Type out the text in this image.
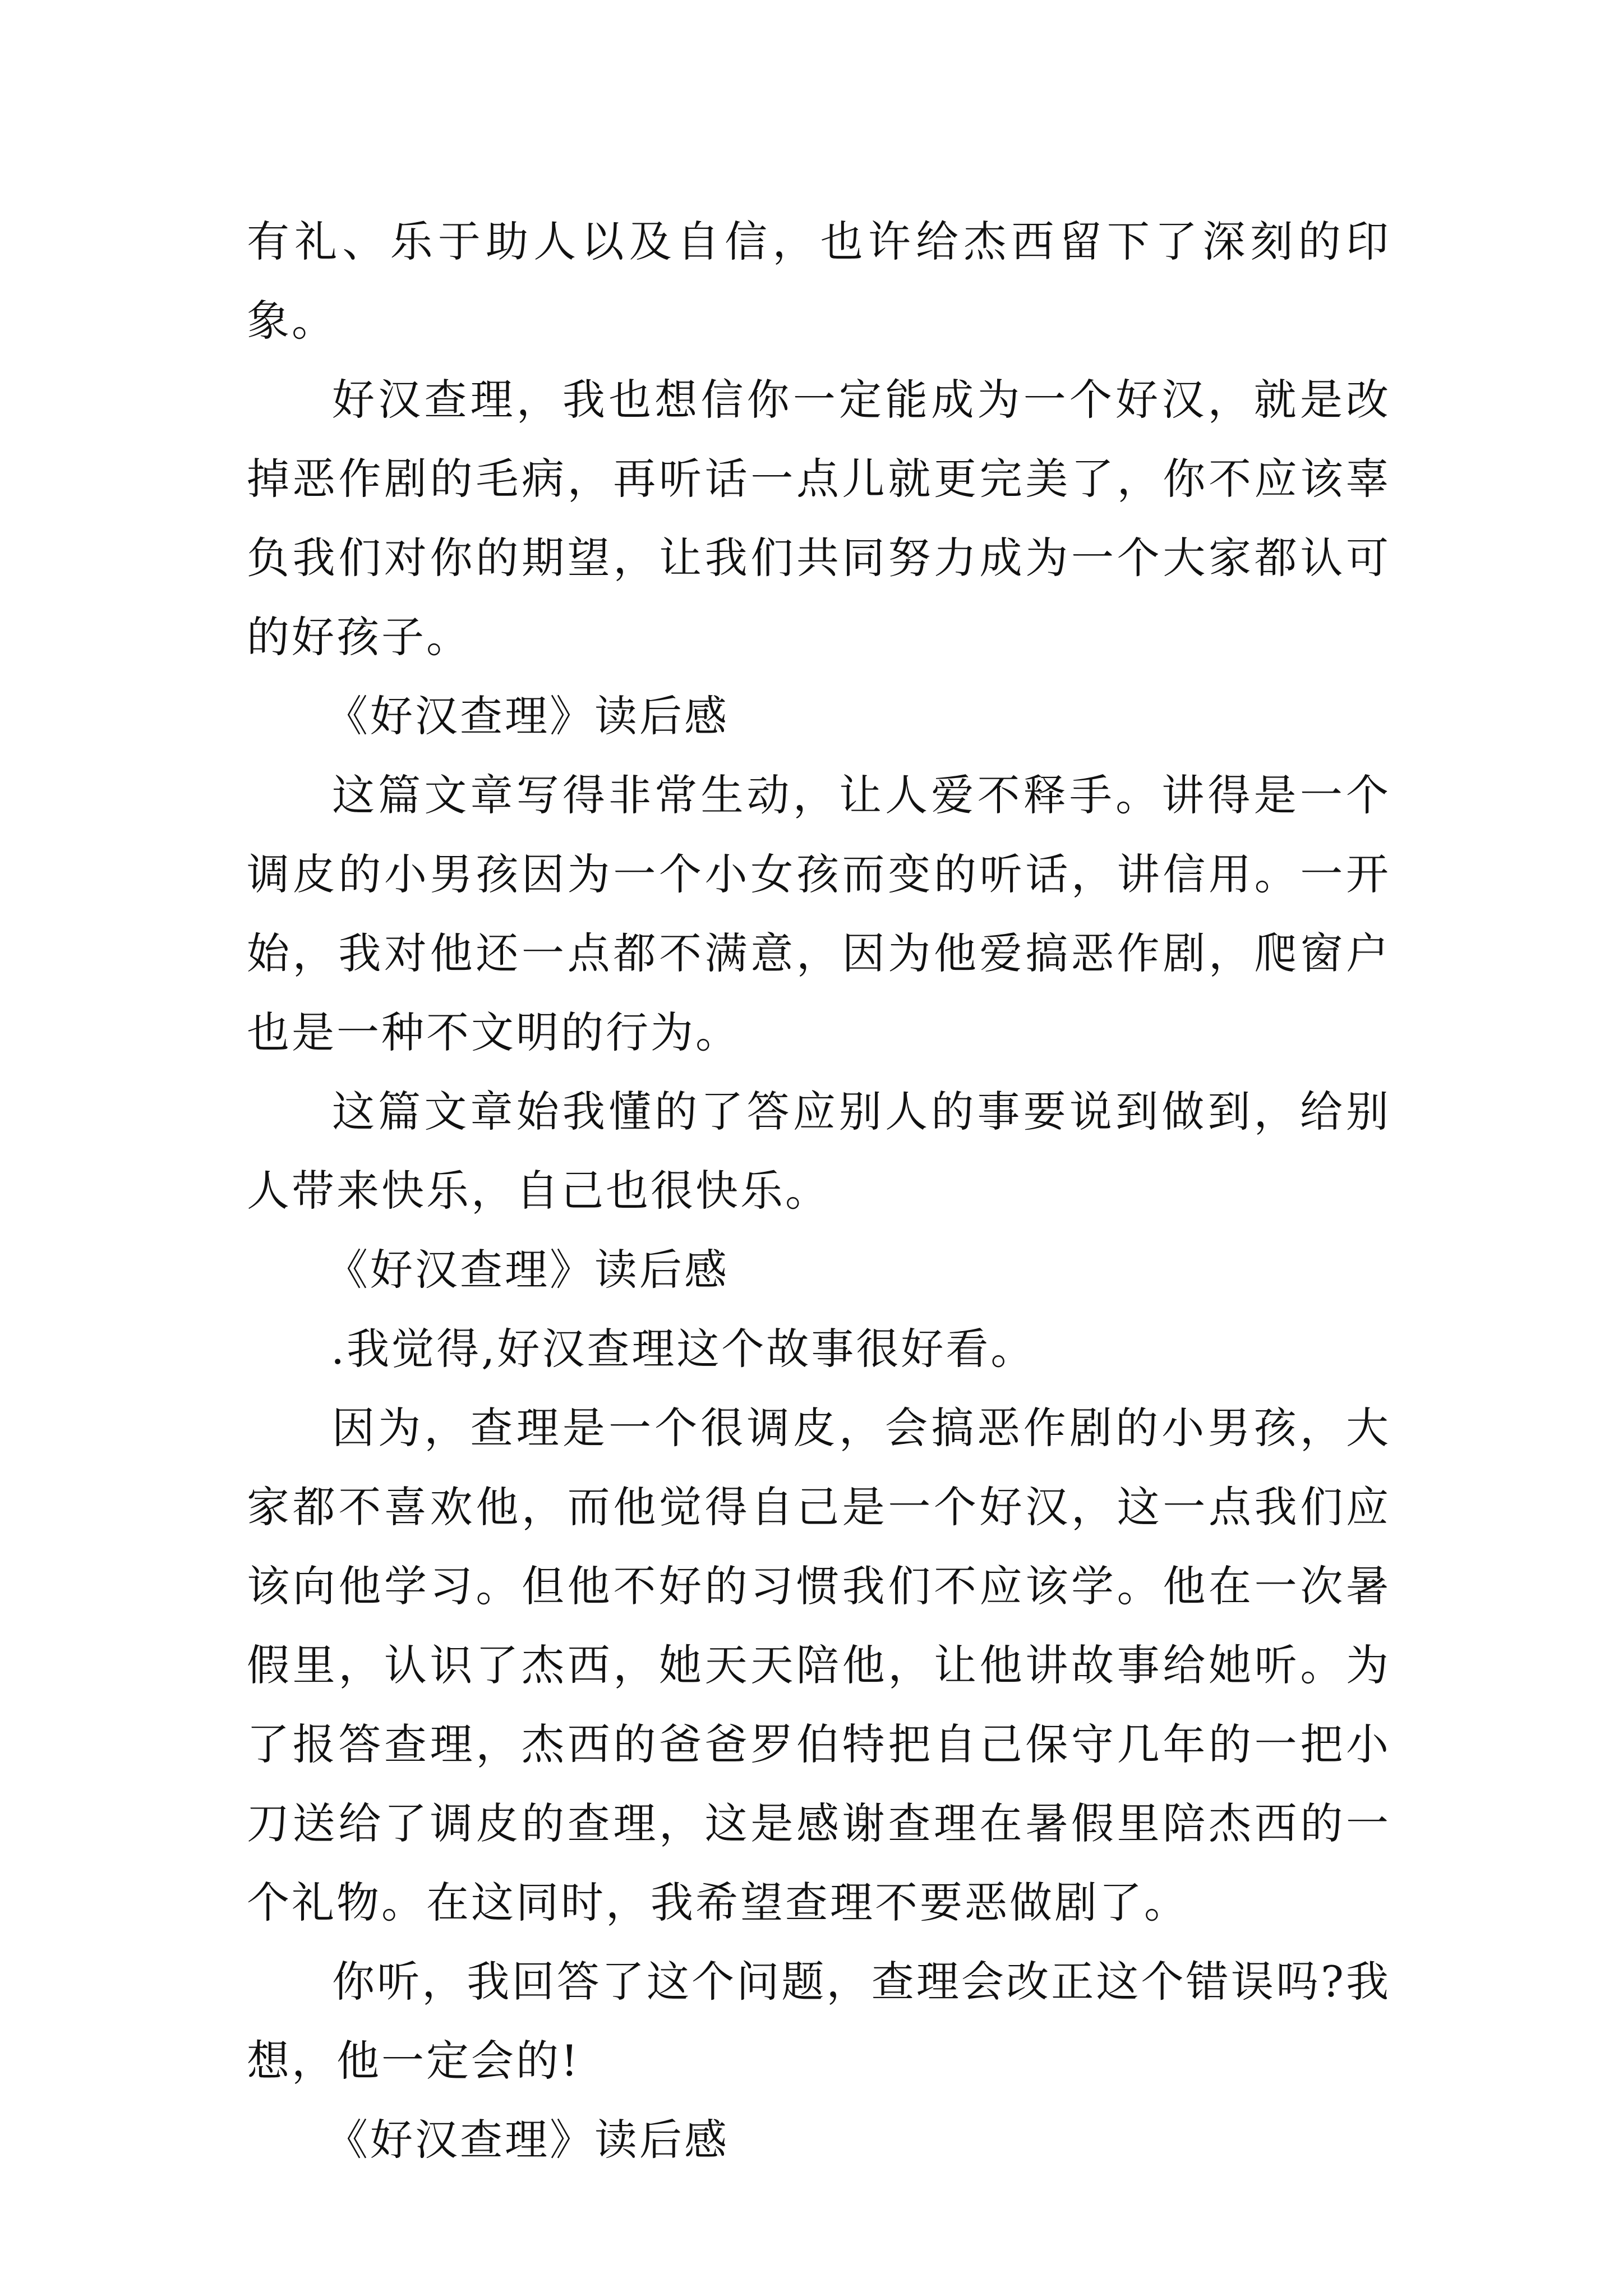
有礼、乐于助人以及自信，也许给杰西留下了深刻的印象。

好汉查理，我也想信你一定能成为一个好汉，就是改掉恶作剧的毛病，再听话一点儿就更完美了，你不应该辜负我们对你的期望，让我们共同努力成为一个大家都认可的好孩子。

《好汉查理》读后感

这篇文章写得非常生动，让人爱不释手。讲得是一个调皮的小男孩因为一个小女孩而变的听话，讲信用。一开始，我对他还一点都不满意，因为他爱搞恶作剧，爬窗户也是一种不文明的行为。

这篇文章始我懂的了答应别人的事要说到做到，给别人带来快乐，自己也很快乐。

《好汉查理》读后感

.我觉得,好汉查理这个故事很好看。

因为，查理是一个很调皮，会搞恶作剧的小男孩，大家都不喜欢他，而他觉得自己是一个好汉，这一点我们应该向他学习。但他不好的习惯我们不应该学。他在一次暑假里，认识了杰西，她天天陪他，让他讲故事给她听。为了报答查理，杰西的爸爸罗伯特把自己保守几年的一把小刀送给了调皮的查理，这是感谢查理在暑假里陪杰西的一个礼物。在这同时，我希望查理不要恶做剧了。

你听，我回答了这个问题，查理会改正这个错误吗?我想，他一定会的!

《好汉查理》读后感
